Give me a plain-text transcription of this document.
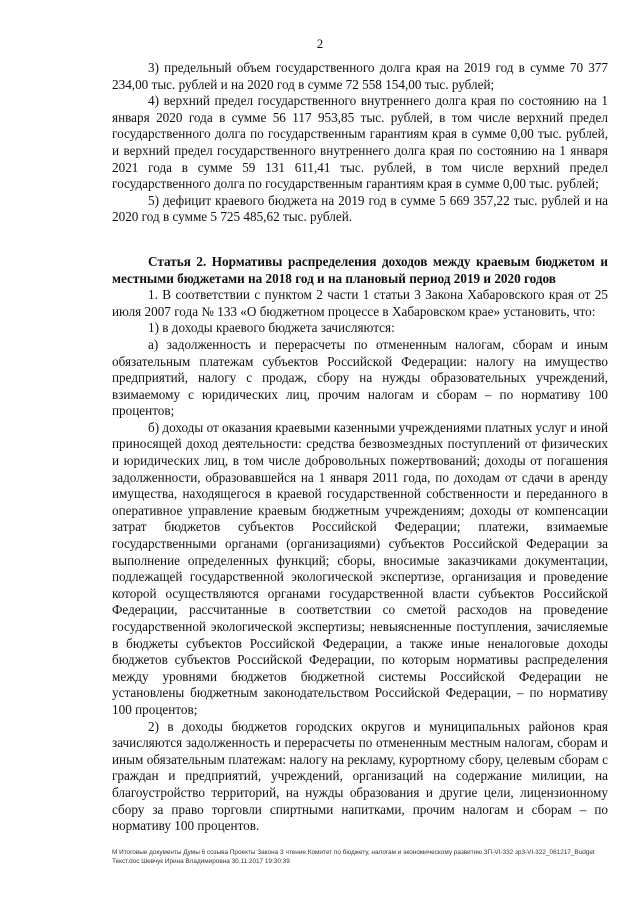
2

3) предельный объем государственного долга края на 2019 год в сумме 70 377 234,00 тыс. рублей и на 2020 год в сумме 72 558 154,00 тыс. рублей;

4) верхний предел государственного внутреннего долга края по состоянию на 1 января 2020 года в сумме 56 117 953,85 тыс. рублей, в том числе верхний предел государственного долга по государственным гарантиям края в сумме 0,00 тыс. рублей, и верхний предел государственного внутреннего долга края по состоянию на 1 января 2021 года в сумме 59 131 611,41 тыс. рублей, в том числе верхний предел государственного долга по государственным гарантиям края в сумме 0,00 тыс. рублей;

5) дефицит краевого бюджета на 2019 год в сумме 5 669 357,22 тыс. рублей и на 2020 год в сумме 5 725 485,62 тыс. рублей.

Статья 2. Нормативы распределения доходов между краевым бюджетом и местными бюджетами на 2018 год и на плановый период 2019 и 2020 годов

1. В соответствии с пунктом 2 части 1 статьи 3 Закона Хабаровского края от 25 июля 2007 года № 133 «О бюджетном процессе в Хабаровском крае» установить, что:

1) в доходы краевого бюджета зачисляются:

а) задолженность и перерасчеты по отмененным налогам, сборам и иным обязательным платежам субъектов Российской Федерации: налогу на имущество предприятий, налогу с продаж, сбору на нужды образовательных учреждений, взимаемому с юридических лиц, прочим налогам и сборам – по нормативу 100 процентов;

б) доходы от оказания краевыми казенными учреждениями платных услуг и иной приносящей доход деятельности: средства безвозмездных поступлений от физических и юридических лиц, в том числе добровольных пожертвований; доходы от погашения задолженности, образовавшейся на 1 января 2011 года, по доходам от сдачи в аренду имущества, находящегося в краевой государственной собственности и переданного в оперативное управление краевым бюджетным учреждениям; доходы от компенсации затрат бюджетов субъектов Российской Федерации; платежи, взимаемые государственными органами (организациями) субъектов Российской Федерации за выполнение определенных функций; сборы, вносимые заказчиками документации, подлежащей государственной экологической экспертизе, организация и проведение которой осуществляются органами государственной власти субъектов Российской Федерации, рассчитанные в соответствии со сметой расходов на проведение государственной экологической экспертизы; невыясненные поступления, зачисляемые в бюджеты субъектов Российской Федерации, а также иные неналоговые доходы бюджетов субъектов Российской Федерации, по которым нормативы распределения между уровнями бюджетов бюджетной системы Российской Федерации не установлены бюджетным законодательством Российской Федерации, – по нормативу 100 процентов;

2) в доходы бюджетов городских округов и муниципальных районов края зачисляются задолженность и перерасчеты по отмененным местным налогам, сборам и иным обязательным платежам: налогу на рекламу, курортному сбору, целевым сборам с граждан и предприятий, учреждений, организаций на содержание милиции, на благоустройство территорий, на нужды образования и другие цели, лицензионному сбору за право торговли спиртными напитками, прочим налогам и сборам – по нормативу 100 процентов.

М Итоговые документы Думы 6 созыва Проекты Закона З чтение Комитет по бюджету, налогам и экономическому развитию ЗП-VI-332 зр3-VI-322_061217_Budget Текст.doc Шевчук Ирина Владимировна 30.11.2017 19:30:39
